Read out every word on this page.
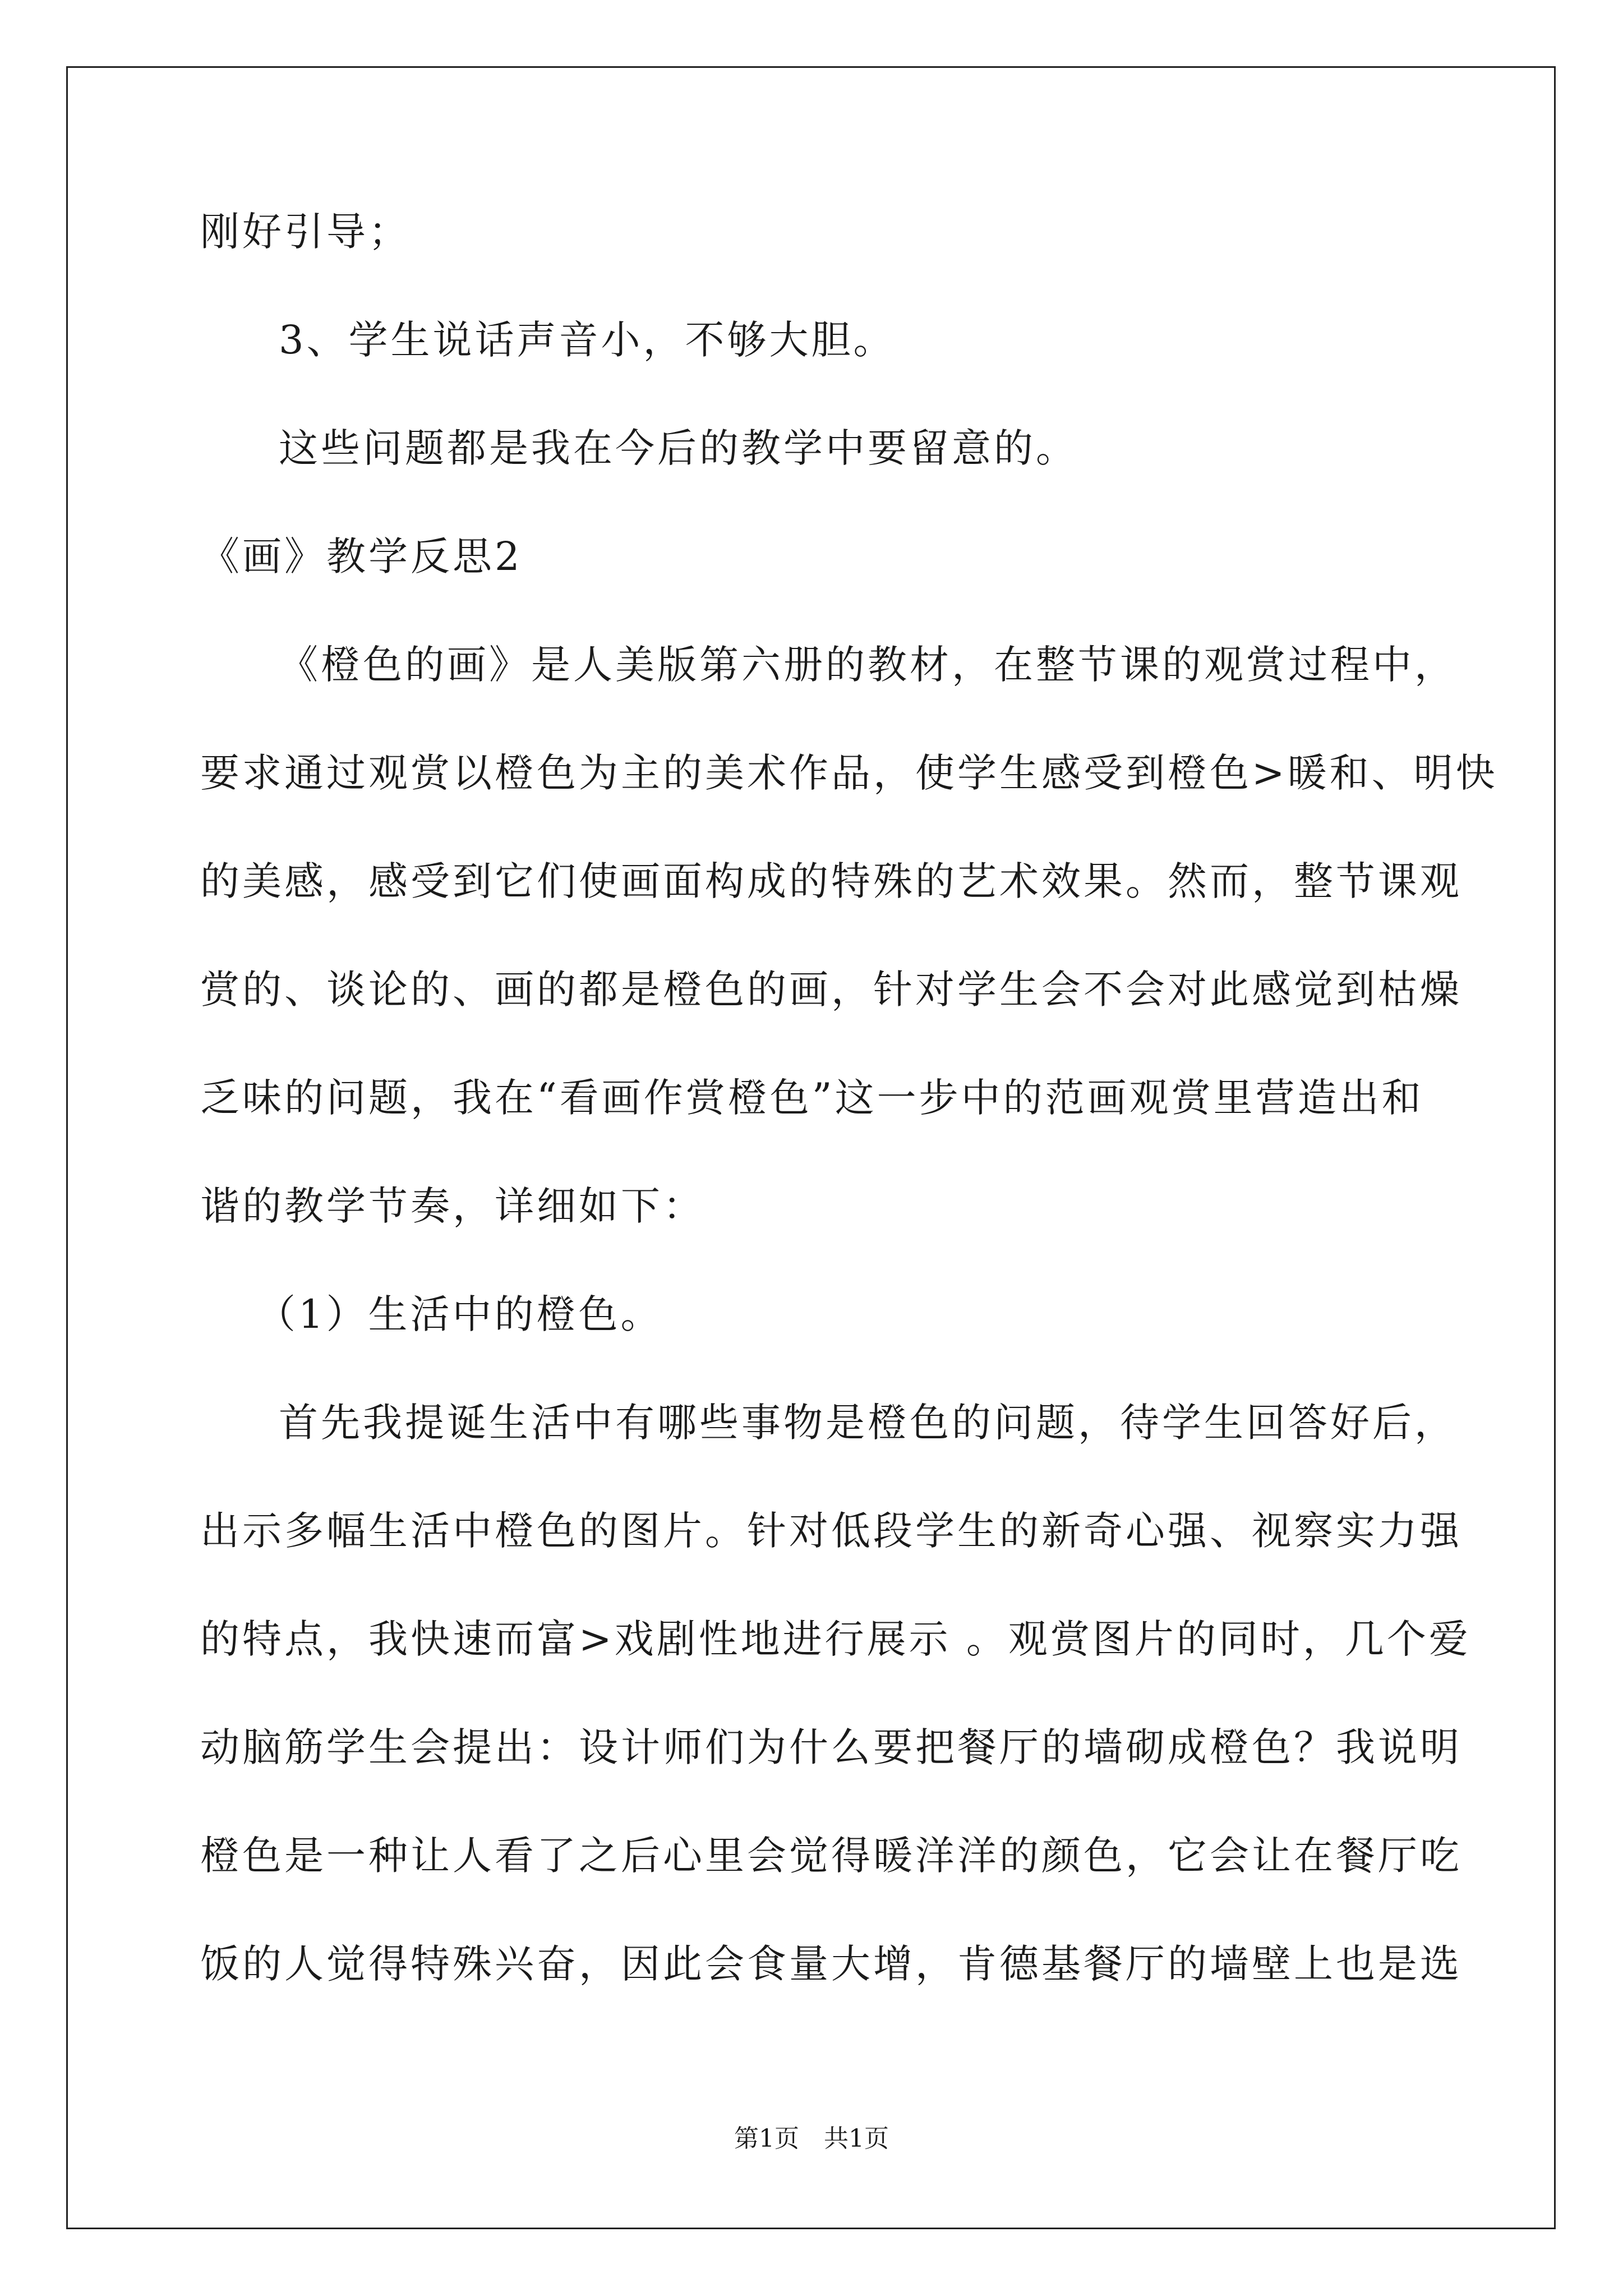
刚好引导；
3、学生说话声音小，不够大胆。
这些问题都是我在今后的教学中要留意的。
《画》教学反思2
《橙色的画》是人美版第六册的教材，在整节课的观赏过程中，
要求通过观赏以橙色为主的美术作品，使学生感受到橙色>暖和、明快
的美感，感受到它们使画面构成的特殊的艺术效果。然而，整节课观
赏的、谈论的、画的都是橙色的画，针对学生会不会对此感觉到枯燥
乏味的问题，我在“看画作赏橙色”这一步中的范画观赏里营造出和
谐的教学节奏，详细如下：
（1）生活中的橙色。
首先我提诞生活中有哪些事物是橙色的问题，待学生回答好后，
出示多幅生活中橙色的图片。针对低段学生的新奇心强、视察实力强
的特点，我快速而富>戏剧性地进行展示 。观赏图片的同时，几个爱
动脑筋学生会提出：设计师们为什么要把餐厅的墙砌成橙色？我说明
橙色是一种让人看了之后心里会觉得暖洋洋的颜色，它会让在餐厅吃
饭的人觉得特殊兴奋，因此会食量大增，肯德基餐厅的墙壁上也是选
第1页　共1页
